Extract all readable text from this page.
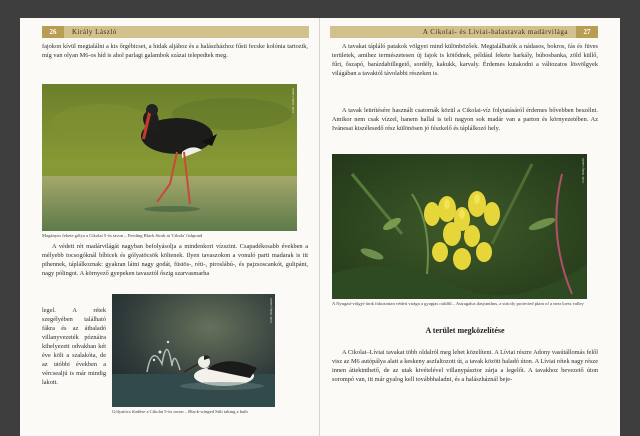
26	Király László

fajokon kívül megtalálni a kis őrgébicset, a hidak aljához és a halászházhoz fűsti fecske kolónia tartozik, míg van olyan M6-os híd is ahol parlagi galambok százai telepedtek meg.

Fotó: Király László

Magányos fekete gólya a Cikolai 5-ös tavon – Feeding Black Stork at 'Cikola' fishpond

A védett rét madárvilágát nagyban befolyásolja a mindenkori vízszint. Csapadékosabb években a mélyebb tocsogóknál bíbicek és gólyatöcsök költenek. Ilyen tavaszokon a vonuló parti madarak is itt pihennek, táplálkoznak: gyakran látni nagy godát, füstös-, réti-, piroslábú-, és pajzsoscankót, gulipánt, nagy pólingot. A környező gyepeken tavasztól őszig szarvasmarha

legel. A rétek szegélyében található fákra és az átbaladó villanyvezeték póznáira kihelyezett odvakban két éve költ a szalakóta, de az utóbbi években a vércsealjú is már mindig lakott.

Fotó: Király László

Gólyatöcs fürdése a Cikolai 5-ös tavon – Black-winged Stilt taking a bath

A Cikolai- és Líviai-halastavak madárvilága	27

A tavakat tápláló patakok völgyei mind különbözőek. Megtalálhatók a nádasos, bokros, fás és füves területek, amihez természetesen új fajok is kötődnek, például fekete harkály, búbosbanka, zöld küllő, fűri, őszapó, barázdabillegető, sordély, kakukk, karvaly. Érdemes kutakodni a változatos lösvölgyek világában a tavaktól távolabbi részeken is.

A tavak leürítésére használt csatornák közül a Cikolai-víz folytatásáról érdemes bővebben beszélni. Amikor nem csak vízzel, hanem hallal is teli nagyon sok madár van a parton és környezetében. Az Ivánesai kiszélesedő rész különösen jó fészkelő és táplálkozó hely.

Fotó: Király László

A Nyugati-völgyi-árok fokozottan védett virága a gyapjas csűdfű – Astragalus dasyanthus, a strictly protected plant of a near loess valley

A terület megközelítése

A Cikolai–Líviai tavakat több oldalról meg lehet közelíteni. A Líviai részre Adony vasútállomás felől visz az M6 autópálya alatt a keskeny aszfaltozott út, a tavak között haladó úton. A Líviai rétek nagy része innen áttekinthető, de az utak kivételével villanypásztor zárja a legelőt. A tavakhoz bevezető úton sorompó van, itt már gyalog kell továbbhaladni, és a halászháznál beje-
